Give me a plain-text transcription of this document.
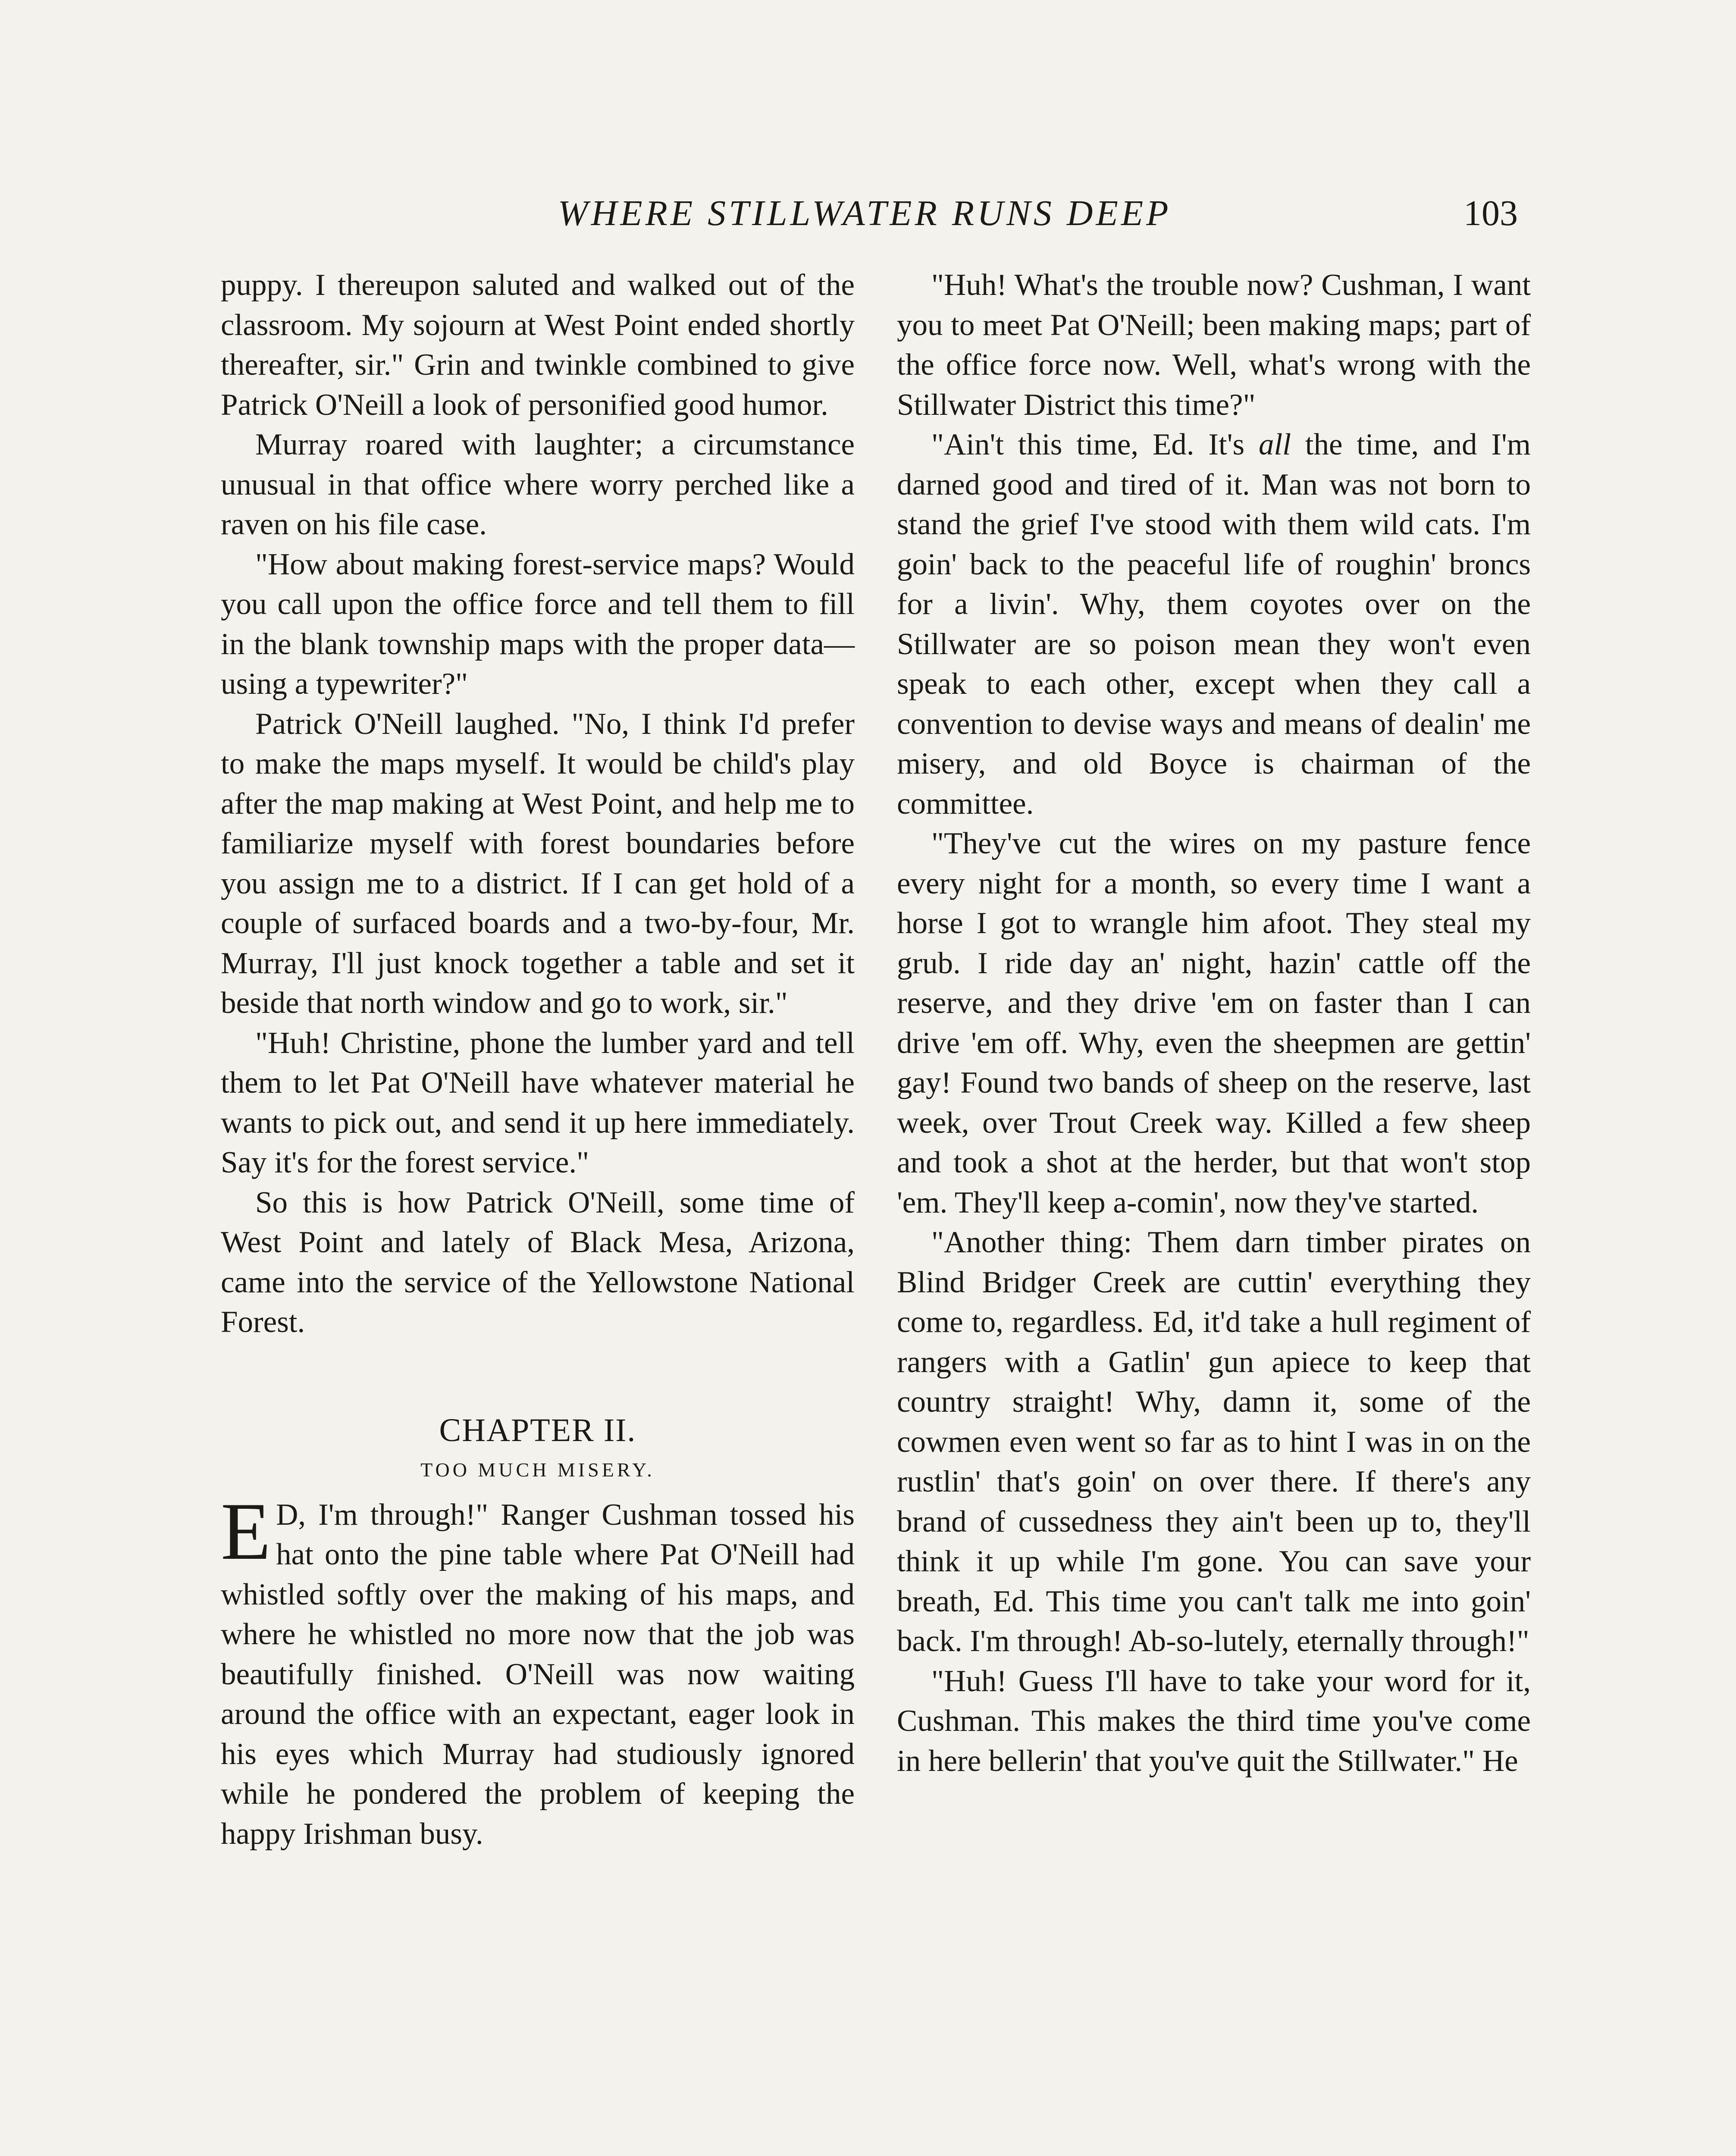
WHERE STILLWATER RUNS DEEP	103

puppy. I thereupon saluted and walked out of the classroom. My sojourn at West Point ended shortly thereafter, sir." Grin and twinkle combined to give Patrick O'Neill a look of personified good humor.

Murray roared with laughter; a circumstance unusual in that office where worry perched like a raven on his file case.

"How about making forest-service maps? Would you call upon the office force and tell them to fill in the blank township maps with the proper data—using a typewriter?"

Patrick O'Neill laughed. "No, I think I'd prefer to make the maps myself. It would be child's play after the map making at West Point, and help me to familiarize myself with forest boundaries before you assign me to a district. If I can get hold of a couple of surfaced boards and a two-by-four, Mr. Murray, I'll just knock together a table and set it beside that north window and go to work, sir."

"Huh! Christine, phone the lumber yard and tell them to let Pat O'Neill have whatever material he wants to pick out, and send it up here immediately. Say it's for the forest service."

So this is how Patrick O'Neill, some time of West Point and lately of Black Mesa, Arizona, came into the service of the Yellowstone National Forest.

CHAPTER II.
TOO MUCH MISERY.

E D, I'm through!" Ranger Cushman tossed his hat onto the pine table where Pat O'Neill had whistled softly over the making of his maps, and where he whistled no more now that the job was beautifully finished. O'Neill was now waiting around the office with an expectant, eager look in his eyes which Murray had studiously ignored while he pondered the problem of keeping the happy Irishman busy.

"Huh! What's the trouble now? Cushman, I want you to meet Pat O'Neill; been making maps; part of the office force now. Well, what's wrong with the Stillwater District this time?"

"Ain't this time, Ed. It's all the time, and I'm darned good and tired of it. Man was not born to stand the grief I've stood with them wild cats. I'm goin' back to the peaceful life of roughin' broncs for a livin'. Why, them coyotes over on the Stillwater are so poison mean they won't even speak to each other, except when they call a convention to devise ways and means of dealin' me misery, and old Boyce is chairman of the committee.

"They've cut the wires on my pasture fence every night for a month, so every time I want a horse I got to wrangle him afoot. They steal my grub. I ride day an' night, hazin' cattle off the reserve, and they drive 'em on faster than I can drive 'em off. Why, even the sheepmen are gettin' gay! Found two bands of sheep on the reserve, last week, over Trout Creek way. Killed a few sheep and took a shot at the herder, but that won't stop 'em. They'll keep a-comin', now they've started.

"Another thing: Them darn timber pirates on Blind Bridger Creek are cuttin' everything they come to, regardless. Ed, it'd take a hull regiment of rangers with a Gatlin' gun apiece to keep that country straight! Why, damn it, some of the cowmen even went so far as to hint I was in on the rustlin' that's goin' on over there. If there's any brand of cussedness they ain't been up to, they'll think it up while I'm gone. You can save your breath, Ed. This time you can't talk me into goin' back. I'm through! Ab-so-lutely, eternally through!"

"Huh! Guess I'll have to take your word for it, Cushman. This makes the third time you've come in here bellerin' that you've quit the Stillwater." He
